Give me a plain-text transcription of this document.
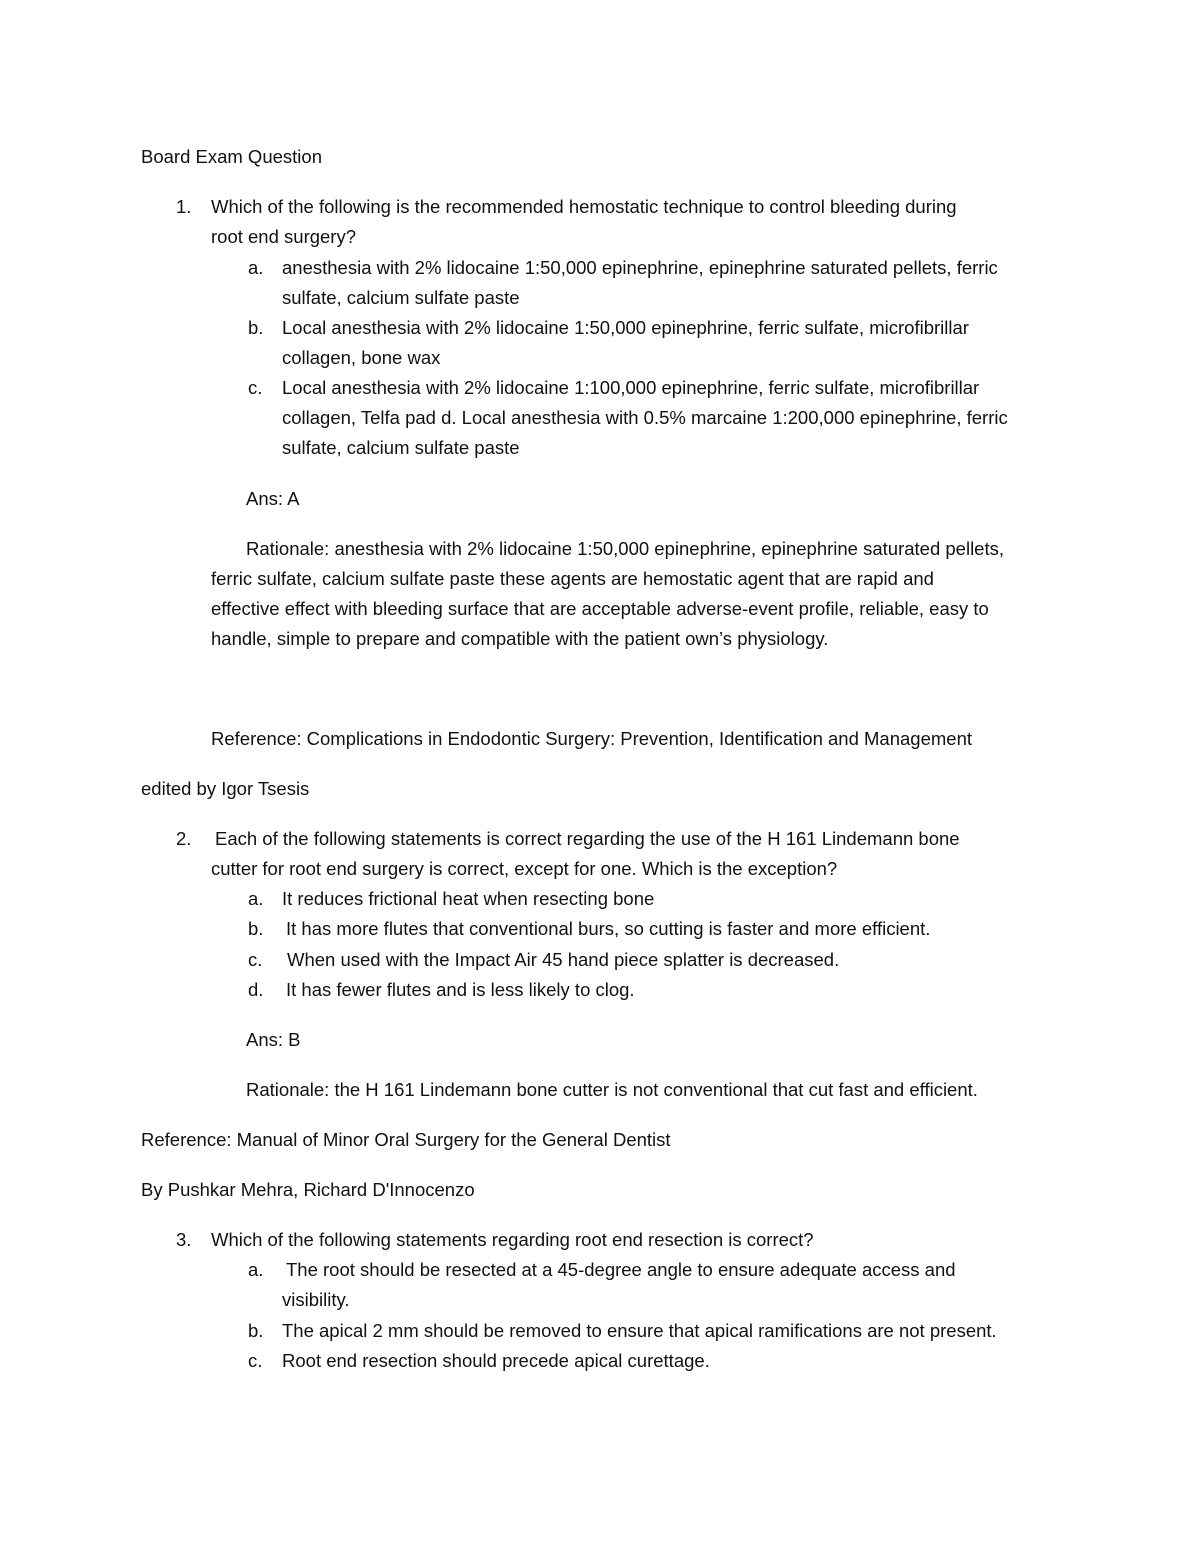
Board Exam Question
1. Which of the following is the recommended hemostatic technique to control bleeding during
root end surgery?
a. anesthesia with 2% lidocaine 1:50,000 epinephrine, epinephrine saturated pellets, ferric
sulfate, calcium sulfate paste
b. Local anesthesia with 2% lidocaine 1:50,000 epinephrine, ferric sulfate, microfibrillar
collagen, bone wax
c. Local anesthesia with 2% lidocaine 1:100,000 epinephrine, ferric sulfate, microfibrillar
collagen, Telfa pad d. Local anesthesia with 0.5% marcaine 1:200,000 epinephrine, ferric
sulfate, calcium sulfate paste
Ans: A
Rationale: anesthesia with 2% lidocaine 1:50,000 epinephrine, epinephrine saturated pellets,
ferric sulfate, calcium sulfate paste these agents are hemostatic agent that are rapid and
effective effect with bleeding surface that are acceptable adverse-event profile, reliable, easy to
handle, simple to prepare and compatible with the patient own’s physiology.
Reference: Complications in Endodontic Surgery: Prevention, Identification and Management
edited by Igor Tsesis
2. Each of the following statements is correct regarding the use of the H 161 Lindemann bone
cutter for root end surgery is correct, except for one. Which is the exception?
a. It reduces frictional heat when resecting bone
b. It has more flutes that conventional burs, so cutting is faster and more efficient.
c. When used with the Impact Air 45 hand piece splatter is decreased.
d. It has fewer flutes and is less likely to clog.
Ans: B
Rationale: the H 161 Lindemann bone cutter is not conventional that cut fast and efficient.
Reference: Manual of Minor Oral Surgery for the General Dentist
By Pushkar Mehra, Richard D'Innocenzo
3. Which of the following statements regarding root end resection is correct?
a. The root should be resected at a 45-degree angle to ensure adequate access and
visibility.
b. The apical 2 mm should be removed to ensure that apical ramifications are not present.
c. Root end resection should precede apical curettage.
